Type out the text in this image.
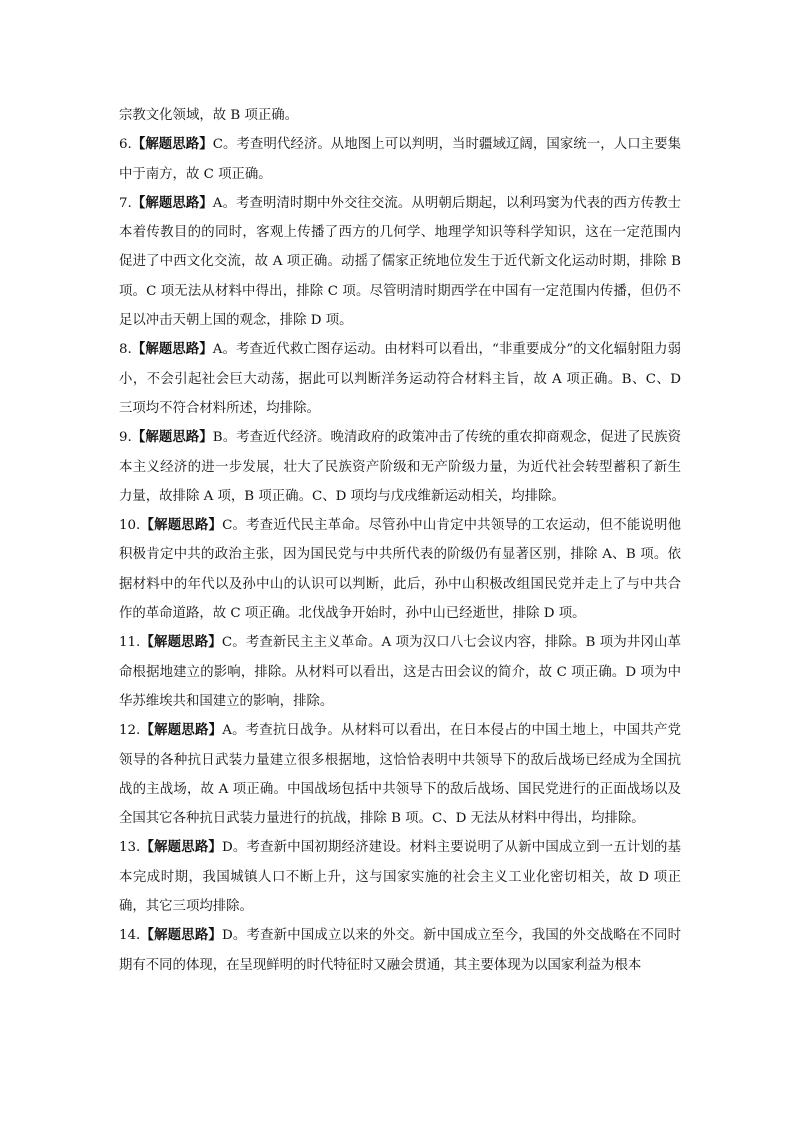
宗教文化领域，故 B 项正确。

6.【解题思路】C。考查明代经济。从地图上可以判明，当时疆域辽阔，国家统一，人口主要集中于南方，故 C 项正确。

7.【解题思路】A。考查明清时期中外交往交流。从明朝后期起，以利玛窦为代表的西方传教士本着传教目的的同时，客观上传播了西方的几何学、地理学知识等科学知识，这在一定范围内促进了中西文化交流，故 A 项正确。动摇了儒家正统地位发生于近代新文化运动时期，排除 B 项。C 项无法从材料中得出，排除 C 项。尽管明清时期西学在中国有一定范围内传播，但仍不足以冲击天朝上国的观念，排除 D 项。

8.【解题思路】A。考查近代救亡图存运动。由材料可以看出，“非重要成分”的文化辐射阻力弱小，不会引起社会巨大动荡，据此可以判断洋务运动符合材料主旨，故 A 项正确。B、C、D 三项均不符合材料所述，均排除。

9.【解题思路】B。考查近代经济。晚清政府的政策冲击了传统的重农抑商观念，促进了民族资本主义经济的进一步发展，壮大了民族资产阶级和无产阶级力量，为近代社会转型蓄积了新生力量，故排除 A 项，B 项正确。C、D 项均与戊戌维新运动相关，均排除。

10.【解题思路】C。考查近代民主革命。尽管孙中山肯定中共领导的工农运动，但不能说明他积极肯定中共的政治主张，因为国民党与中共所代表的阶级仍有显著区别，排除 A、B 项。依据材料中的年代以及孙中山的认识可以判断，此后，孙中山积极改组国民党并走上了与中共合作的革命道路，故 C 项正确。北伐战争开始时，孙中山已经逝世，排除 D 项。

11.【解题思路】C。考查新民主主义革命。A 项为汉口八七会议内容，排除。B 项为井冈山革命根据地建立的影响，排除。从材料可以看出，这是古田会议的简介，故 C 项正确。D 项为中华苏维埃共和国建立的影响，排除。

12.【解题思路】A。考查抗日战争。从材料可以看出，在日本侵占的中国土地上，中国共产党领导的各种抗日武装力量建立很多根据地，这恰恰表明中共领导下的敌后战场已经成为全国抗战的主战场，故 A 项正确。中国战场包括中共领导下的敌后战场、国民党进行的正面战场以及全国其它各种抗日武装力量进行的抗战，排除 B 项。C、D 无法从材料中得出，均排除。

13.【解题思路】D。考查新中国初期经济建设。材料主要说明了从新中国成立到一五计划的基本完成时期，我国城镇人口不断上升，这与国家实施的社会主义工业化密切相关，故 D 项正确，其它三项均排除。

14.【解题思路】D。考查新中国成立以来的外交。新中国成立至今，我国的外交战略在不同时期有不同的体现，在呈现鲜明的时代特征时又融会贯通，其主要体现为以国家利益为根本
